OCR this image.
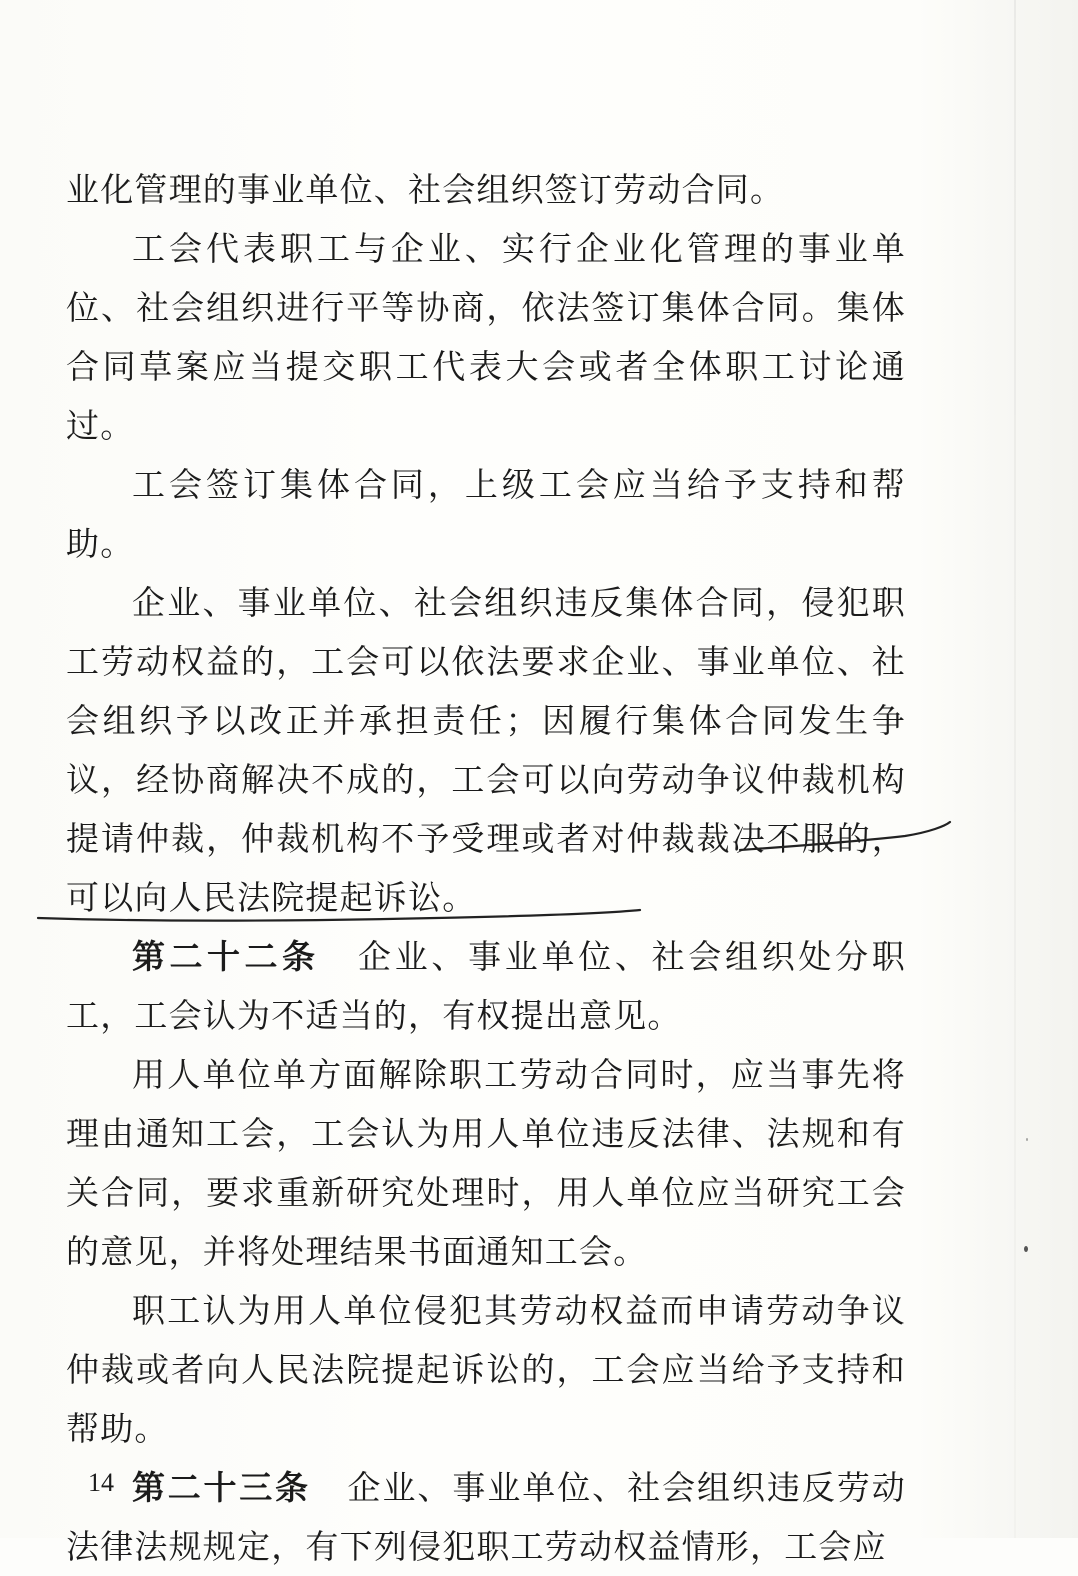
业化管理的事业单位、社会组织签订劳动合同。

工会代表职工与企业、实行企业化管理的事业单位、社会组织进行平等协商，依法签订集体合同。集体合同草案应当提交职工代表大会或者全体职工讨论通过。

工会签订集体合同，上级工会应当给予支持和帮助。

企业、事业单位、社会组织违反集体合同，侵犯职工劳动权益的，工会可以依法要求企业、事业单位、社会组织予以改正并承担责任；因履行集体合同发生争议，经协商解决不成的，工会可以向劳动争议仲裁机构提请仲裁，仲裁机构不予受理或者对仲裁裁决不服的，可以向人民法院提起诉讼。

第二十二条 企业、事业单位、社会组织处分职工，工会认为不适当的，有权提出意见。

用人单位单方面解除职工劳动合同时，应当事先将理由通知工会，工会认为用人单位违反法律、法规和有关合同，要求重新研究处理时，用人单位应当研究工会的意见，并将处理结果书面通知工会。

职工认为用人单位侵犯其劳动权益而申请劳动争议仲裁或者向人民法院提起诉讼的，工会应当给予支持和帮助。

第二十三条 企业、事业单位、社会组织违反劳动法律法规规定，有下列侵犯职工劳动权益情形，工会应

14
